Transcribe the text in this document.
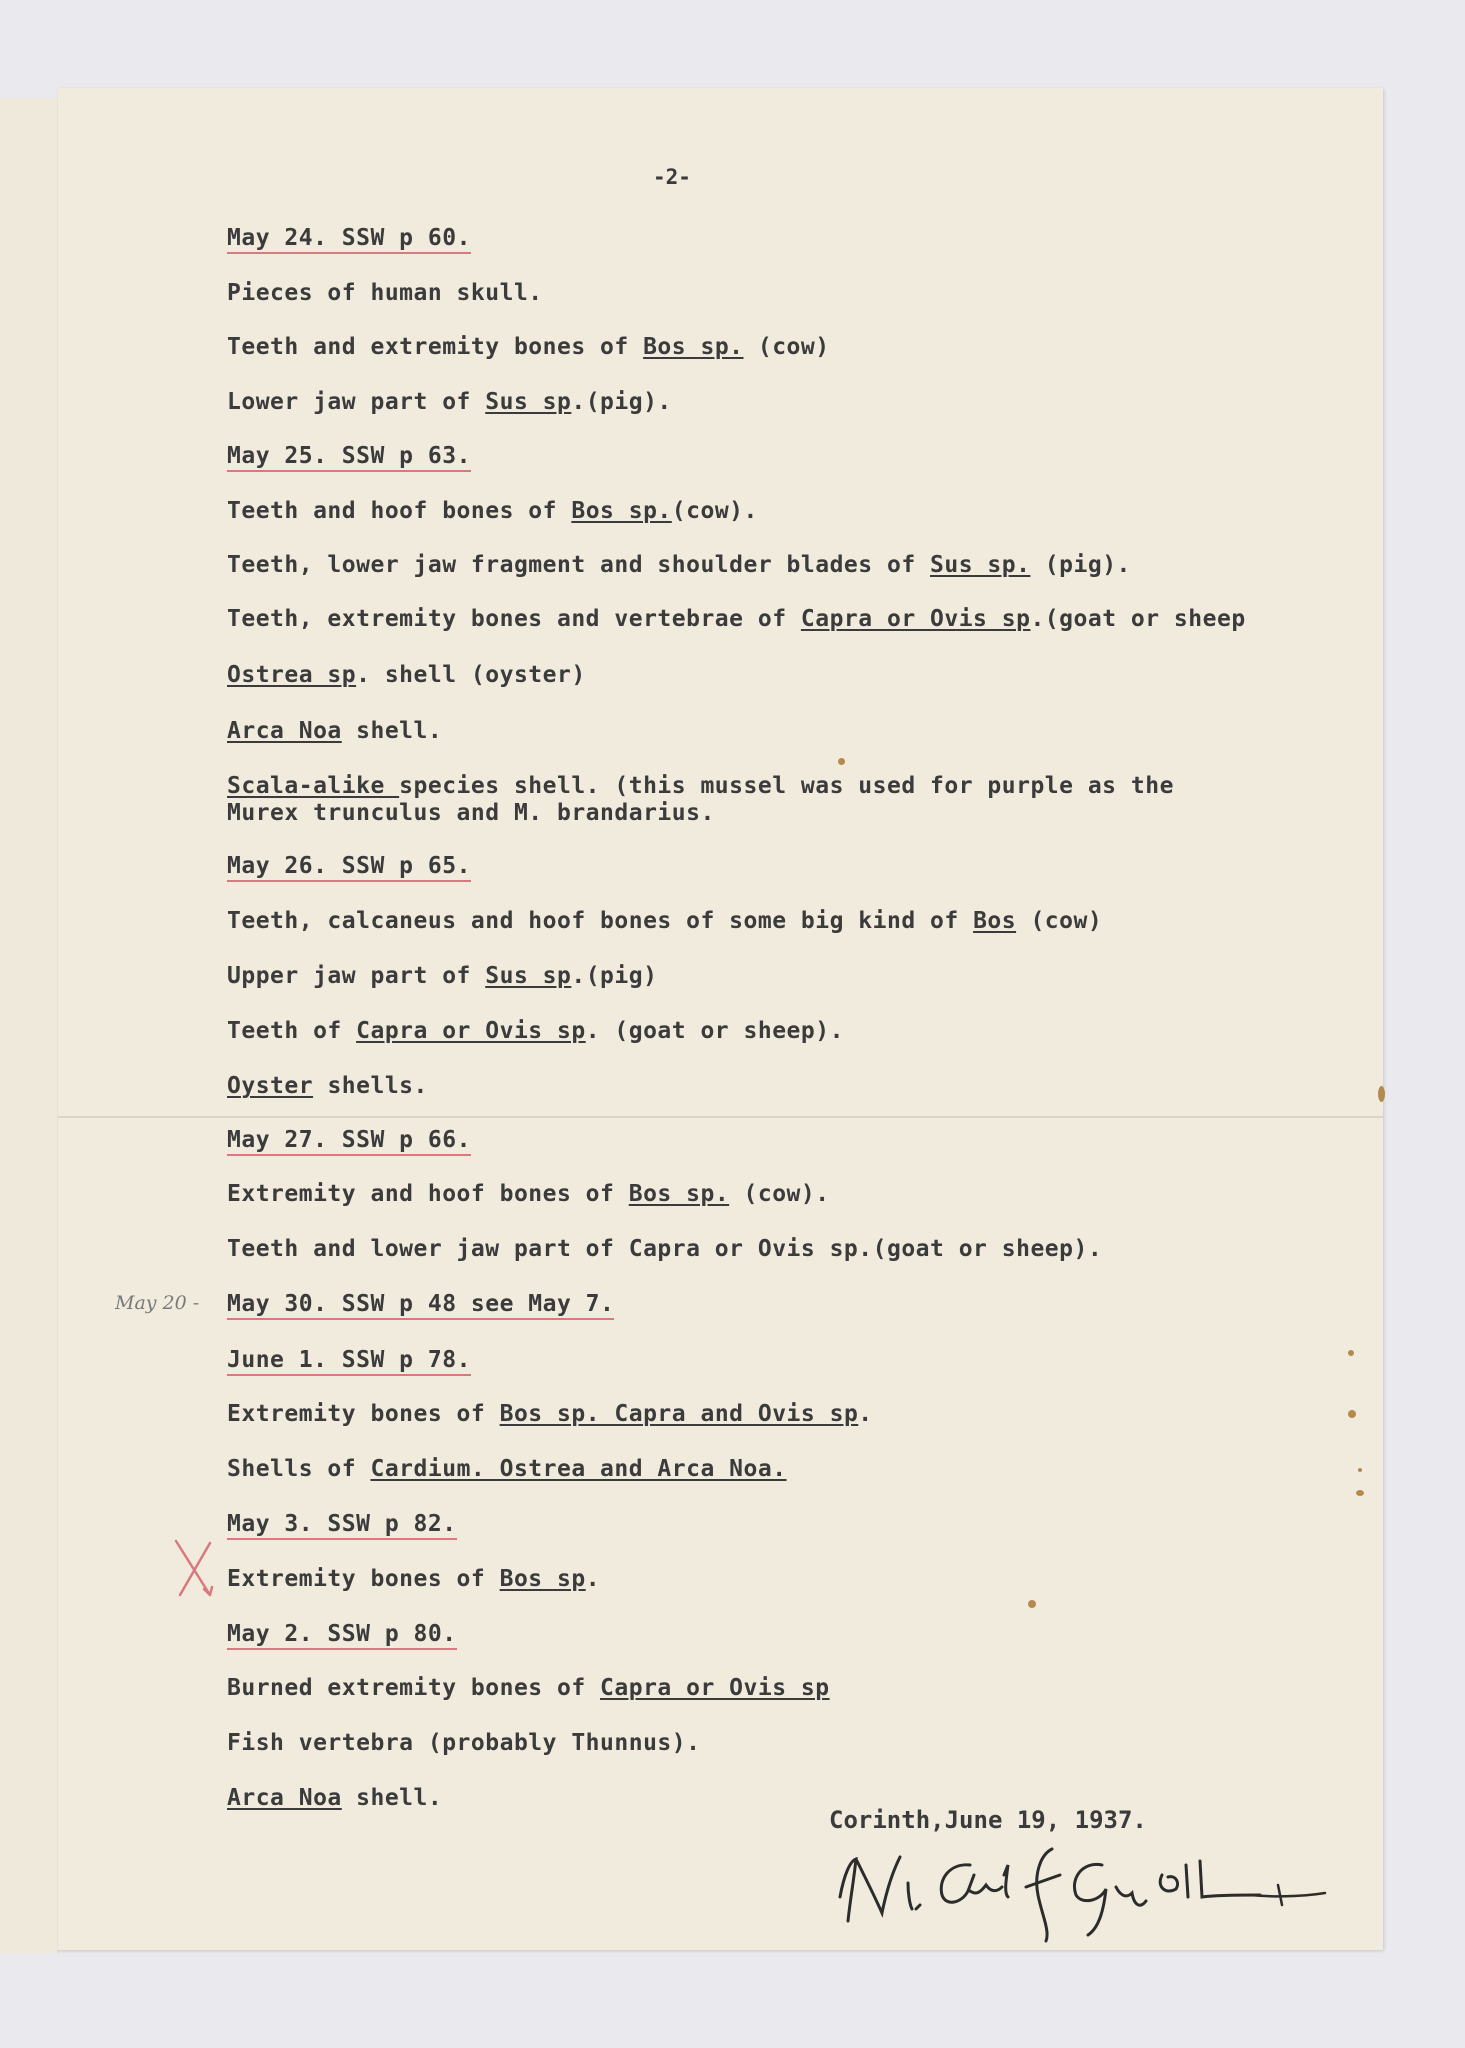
-2-
May 24. SSW p 60.
Pieces of human skull.
Teeth and extremity bones of Bos sp. (cow)
Lower jaw part of Sus sp.(pig).
May 25. SSW p 63.
Teeth and hoof bones of Bos sp.(cow).
Teeth, lower jaw fragment and shoulder blades of Sus sp. (pig).
Teeth, extremity bones and vertebrae of Capra or Ovis sp.(goat or sheep
Ostrea sp. shell (oyster)
Arca Noa shell.
Scala-alike species shell. (this mussel was used for purple as the
Murex trunculus and M. brandarius.
May 26. SSW p 65.
Teeth, calcaneus and hoof bones of some big kind of Bos (cow)
Upper jaw part of Sus sp.(pig)
Teeth of Capra or Ovis sp. (goat or sheep).
Oyster shells.
May 27. SSW p 66.
Extremity and hoof bones of Bos sp. (cow).
Teeth and lower jaw part of Capra or Ovis sp.(goat or sheep).
May 30. SSW p 48 see May 7.
June 1. SSW p 78.
Extremity bones of Bos sp. Capra and Ovis sp.
Shells of Cardium. Ostrea and Arca Noa.
May 3. SSW p 82.
Extremity bones of Bos sp.
May 2. SSW p 80.
Burned extremity bones of Capra or Ovis sp
Fish vertebra (probably Thunnus).
Arca Noa shell.
May 20 -
Corinth,June 19, 1937.
